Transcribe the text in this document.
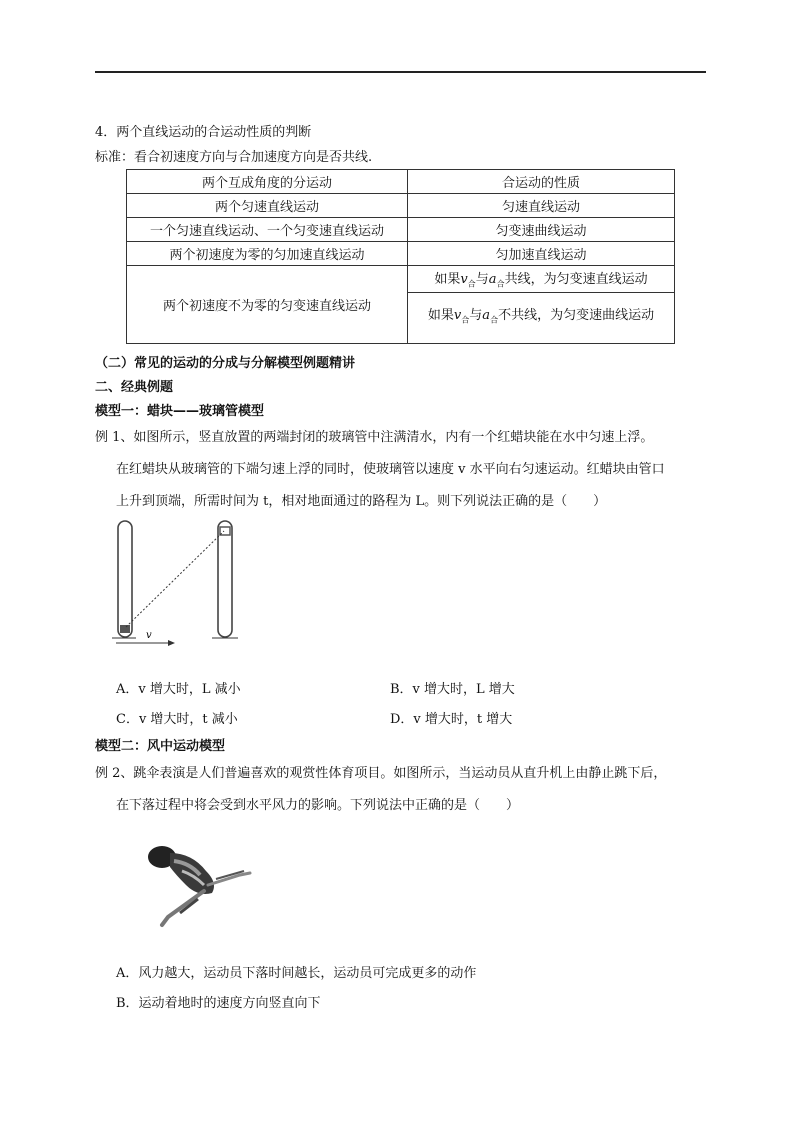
4．两个直线运动的合运动性质的判断
标准：看合初速度方向与合加速度方向是否共线.
两个互成角度的分运动	合运动的性质
两个匀速直线运动	匀速直线运动
一个匀速直线运动、一个匀变速直线运动	匀变速曲线运动
两个初速度为零的匀加速直线运动	匀加速直线运动
两个初速度不为零的匀变速直线运动	如果$v_合$与$a_合$共线，为匀变速直线运动
	如果$v_合$与$a_合$不共线，为匀变速曲线运动
（二）常见的运动的分成与分解模型例题精讲
二、经典例题
模型一：蜡块——玻璃管模型
例 1、如图所示，竖直放置的两端封闭的玻璃管中注满清水，内有一个红蜡块能在水中匀速上浮。
在红蜡块从玻璃管的下端匀速上浮的同时，使玻璃管以速度 v 水平向右匀速运动。红蜡块由管口
上升到顶端，所需时间为 t，相对地面通过的路程为 L。则下列说法正确的是（　　）
v
A．v 增大时，L 减小	B．v 增大时，L 增大
C．v 增大时，t 减小	D．v 增大时，t 增大
模型二：风中运动模型
例 2、跳伞表演是人们普遍喜欢的观赏性体育项目。如图所示，当运动员从直升机上由静止跳下后，
在下落过程中将会受到水平风力的影响。下列说法中正确的是（　　）
A．风力越大，运动员下落时间越长，运动员可完成更多的动作
B．运动着地时的速度方向竖直向下
